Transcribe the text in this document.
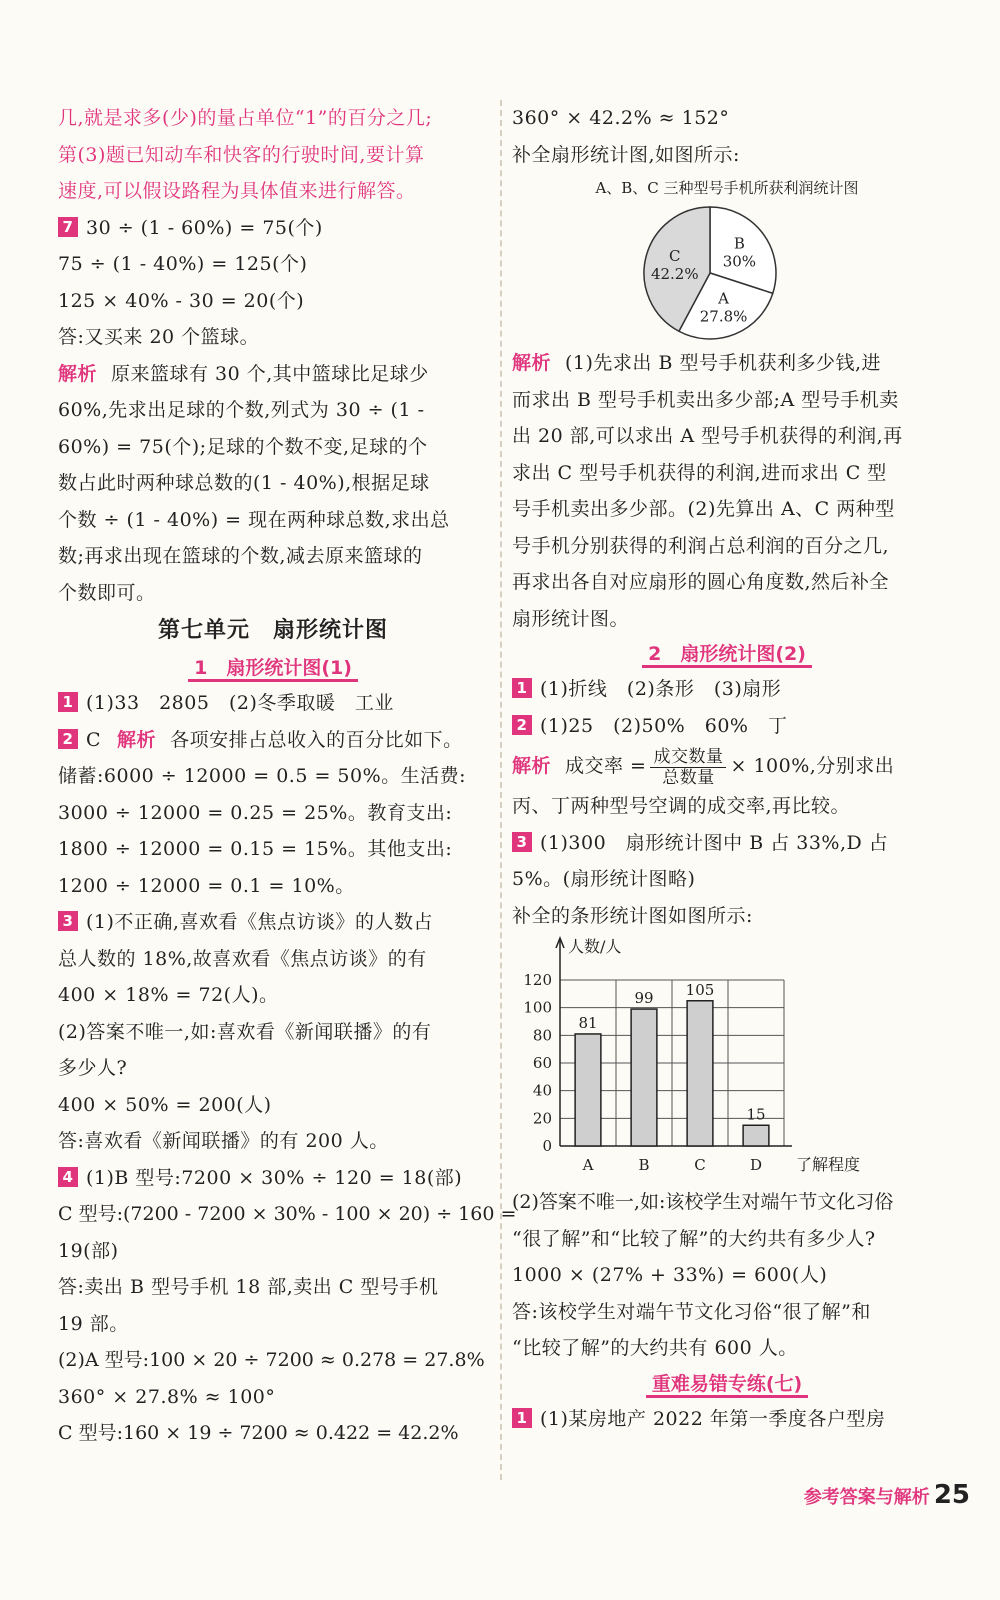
几,就是求多(少)的量占单位“1”的百分之几;
第(3)题已知动车和快客的行驶时间,要计算
速度,可以假设路程为具体值来进行解答。
7 30 ÷ (1 - 60%) = 75(个)
75 ÷ (1 - 40%) = 125(个)
125 × 40% - 30 = 20(个)
答:又买来 20 个篮球。
解析 原来篮球有 30 个,其中篮球比足球少
60%,先求出足球的个数,列式为 30 ÷ (1 -
60%) = 75(个);足球的个数不变,足球的个
数占此时两种球总数的(1 - 40%),根据足球
个数 ÷ (1 - 40%) = 现在两种球总数,求出总
数;再求出现在篮球的个数,减去原来篮球的
个数即可。
第七单元　扇形统计图
1　扇形统计图(1)
1 (1)33　2805　(2)冬季取暖　工业
2 C 解析 各项安排占总收入的百分比如下。
储蓄:6000 ÷ 12000 = 0.5 = 50%。生活费:
3000 ÷ 12000 = 0.25 = 25%。教育支出:
1800 ÷ 12000 = 0.15 = 15%。其他支出:
1200 ÷ 12000 = 0.1 = 10%。
3 (1)不正确,喜欢看《焦点访谈》的人数占
总人数的 18%,故喜欢看《焦点访谈》的有
400 × 18% = 72(人)。
(2)答案不唯一,如:喜欢看《新闻联播》的有
多少人?
400 × 50% = 200(人)
答:喜欢看《新闻联播》的有 200 人。
4 (1)B 型号:7200 × 30% ÷ 120 = 18(部)
C 型号:(7200 - 7200 × 30% - 100 × 20) ÷ 160 =
19(部)
答:卖出 B 型号手机 18 部,卖出 C 型号手机
19 部。
(2)A 型号:100 × 20 ÷ 7200 ≈ 0.278 = 27.8%
360° × 27.8% ≈ 100°
C 型号:160 × 19 ÷ 7200 ≈ 0.422 = 42.2%
360° × 42.2% ≈ 152°
补全扇形统计图,如图所示:
A、B、C 三种型号手机所获利润统计图
B
30%
A
27.8%
C
42.2%
解析 (1)先求出 B 型号手机获利多少钱,进
而求出 B 型号手机卖出多少部;A 型号手机卖
出 20 部,可以求出 A 型号手机获得的利润,再
求出 C 型号手机获得的利润,进而求出 C 型
号手机卖出多少部。(2)先算出 A、C 两种型
号手机分别获得的利润占总利润的百分之几,
再求出各自对应扇形的圆心角度数,然后补全
扇形统计图。
2　扇形统计图(2)
1 (1)折线　(2)条形　(3)扇形
2 (1)25　(2)50%　60%　丁
解析 成交率 = $\frac{\text{成交数量}}{\text{总数量}} \times 100\%$,分别求出
丙、丁两种型号空调的成交率,再比较。
3 (1)300　扇形统计图中 B 占 33%,D 占
5%。(扇形统计图略)
补全的条形统计图如图所示:
0
20
40
60
80
100
120
人数/人
了解程度
81
A
99
B
105
C
15
D
(2)答案不唯一,如:该校学生对端午节文化习俗
“很了解”和“比较了解”的大约共有多少人?
1000 × (27% + 33%) = 600(人)
答:该校学生对端午节文化习俗“很了解”和
“比较了解”的大约共有 600 人。
重难易错专练(七)
1 (1)某房地产 2022 年第一季度各户型房
参考答案与解析 25
